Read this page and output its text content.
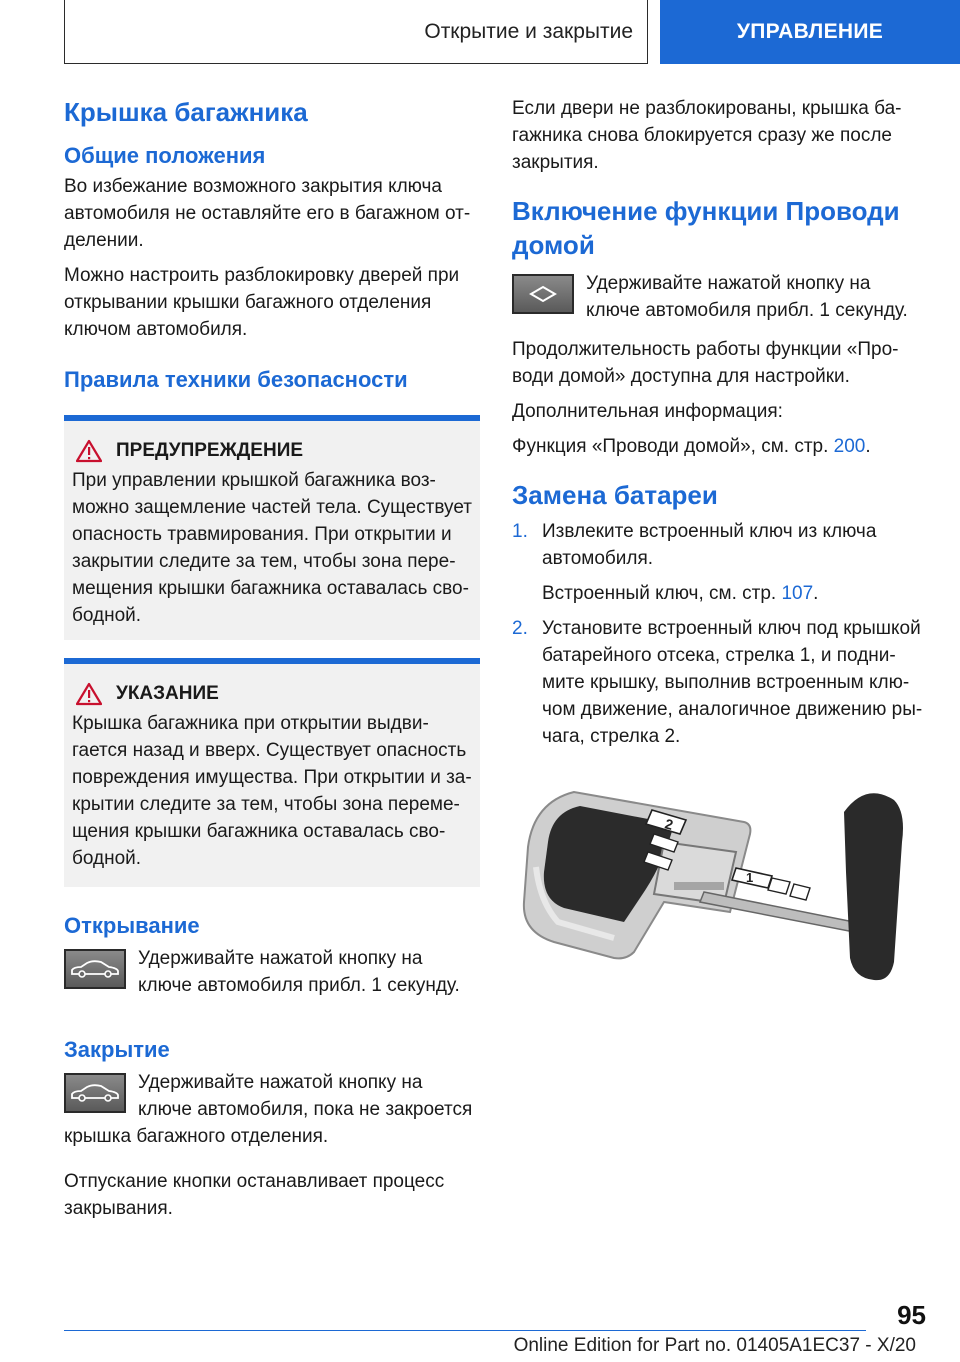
Открытие и закрытие	УПРАВЛЕНИЕ
Крышка багажника
Общие положения

Во избежание возможного закрытия ключа автомобиля не оставляйте его в багажном от-делении.

Можно настроить разблокировку дверей при открывании крышки багажного отделения ключом автомобиля.

Правила техники безопасности
ПРЕДУПРЕЖДЕНИЕ

При управлении крышкой багажника воз-можно защемление частей тела. Существует опасность травмирования. При открытии и закрытии следите за тем, чтобы зона пере-мещения крышки багажника оставалась сво-бодной.

УКАЗАНИЕ

Крышка багажника при открытии выдви-гается назад и вверх. Существует опасность повреждения имущества. При открытии и за-крытии следите за тем, чтобы зона переме-щения крышки багажника оставалась сво-бодной.

Открывание

Удерживайте нажатой кнопку на ключе автомобиля прибл. 1 секунду.

Закрытие

Удерживайте нажатой кнопку на ключе автомобиля, пока не закроется крышка багажного отделения.

Отпускание кнопки останавливает процесс закрывания.

Если двери не разблокированы, крышка ба-гажника снова блокируется сразу же после закрытия.

Включение функции Проводи домой

Удерживайте нажатой кнопку на ключе автомобиля прибл. 1 секунду.

Продолжительность работы функции «Про-води домой» доступна для настройки.

Дополнительная информация:

Функция «Проводи домой», см. стр. 200.

Замена батареи
1. Извлеките встроенный ключ из ключа автомобиля.
Встроенный ключ, см. стр. 107.
2. Установите встроенный ключ под крышкой батарейного отсека, стрелка 1, и подни-мите крышку, выполнив встроенным клю-чом движение, аналогичное движению ры-чага, стрелка 2.
2
1
95
Online Edition for Part no. 01405A1EC37 - X/20
